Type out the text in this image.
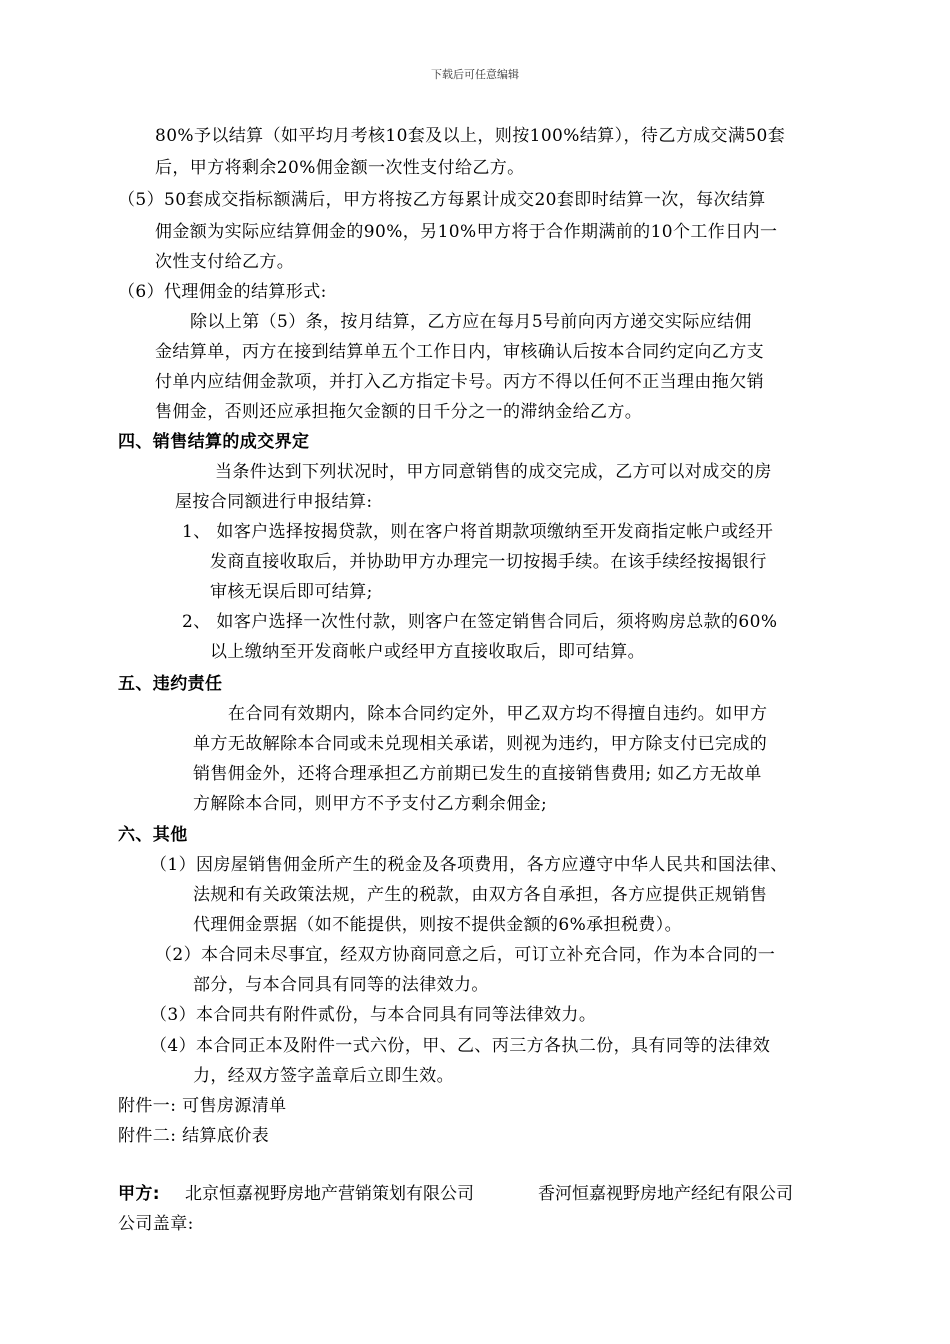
下载后可任意编辑
80%予以结算（如平均月考核10套及以上，则按100%结算），待乙方成交满50套
后，甲方将剩余20%佣金额一次性支付给乙方。
（5）50套成交指标额满后，甲方将按乙方每累计成交20套即时结算一次，每次结算
佣金额为实际应结算佣金的90%，另10%甲方将于合作期满前的10个工作日内一
次性支付给乙方。
（6）代理佣金的结算形式:
除以上第（5）条，按月结算，乙方应在每月5号前向丙方递交实际应结佣
金结算单，丙方在接到结算单五个工作日内，审核确认后按本合同约定向乙方支
付单内应结佣金款项，并打入乙方指定卡号。丙方不得以任何不正当理由拖欠销
售佣金，否则还应承担拖欠金额的日千分之一的滞纳金给乙方。
四、销售结算的成交界定
当条件达到下列状况时，甲方同意销售的成交完成，乙方可以对成交的房
屋按合同额进行申报结算:
1、 如客户选择按揭贷款，则在客户将首期款项缴纳至开发商指定帐户或经开
发商直接收取后，并协助甲方办理完一切按揭手续。在该手续经按揭银行
审核无误后即可结算;
2、 如客户选择一次性付款，则客户在签定销售合同后，须将购房总款的60%
以上缴纳至开发商帐户或经甲方直接收取后，即可结算。
五、违约责任
在合同有效期内，除本合同约定外，甲乙双方均不得擅自违约。如甲方
单方无故解除本合同或未兑现相关承诺，则视为违约，甲方除支付已完成的
销售佣金外，还将合理承担乙方前期已发生的直接销售费用; 如乙方无故单
方解除本合同，则甲方不予支付乙方剩余佣金;
六、其他
（1）因房屋销售佣金所产生的税金及各项费用，各方应遵守中华人民共和国法律、
法规和有关政策法规，产生的税款，由双方各自承担，各方应提供正规销售
代理佣金票据（如不能提供，则按不提供金额的6%承担税费）。
（2）本合同未尽事宜，经双方协商同意之后，可订立补充合同，作为本合同的一
部分，与本合同具有同等的法律效力。
（3）本合同共有附件贰份，与本合同具有同等法律效力。
（4）本合同正本及附件一式六份，甲、乙、丙三方各执二份，具有同等的法律效
力，经双方签字盖章后立即生效。
附件一: 可售房源清单
附件二: 结算底价表
甲方: 北京恒嘉视野房地产营销策划有限公司	香河恒嘉视野房地产经纪有限公司
公司盖章:
